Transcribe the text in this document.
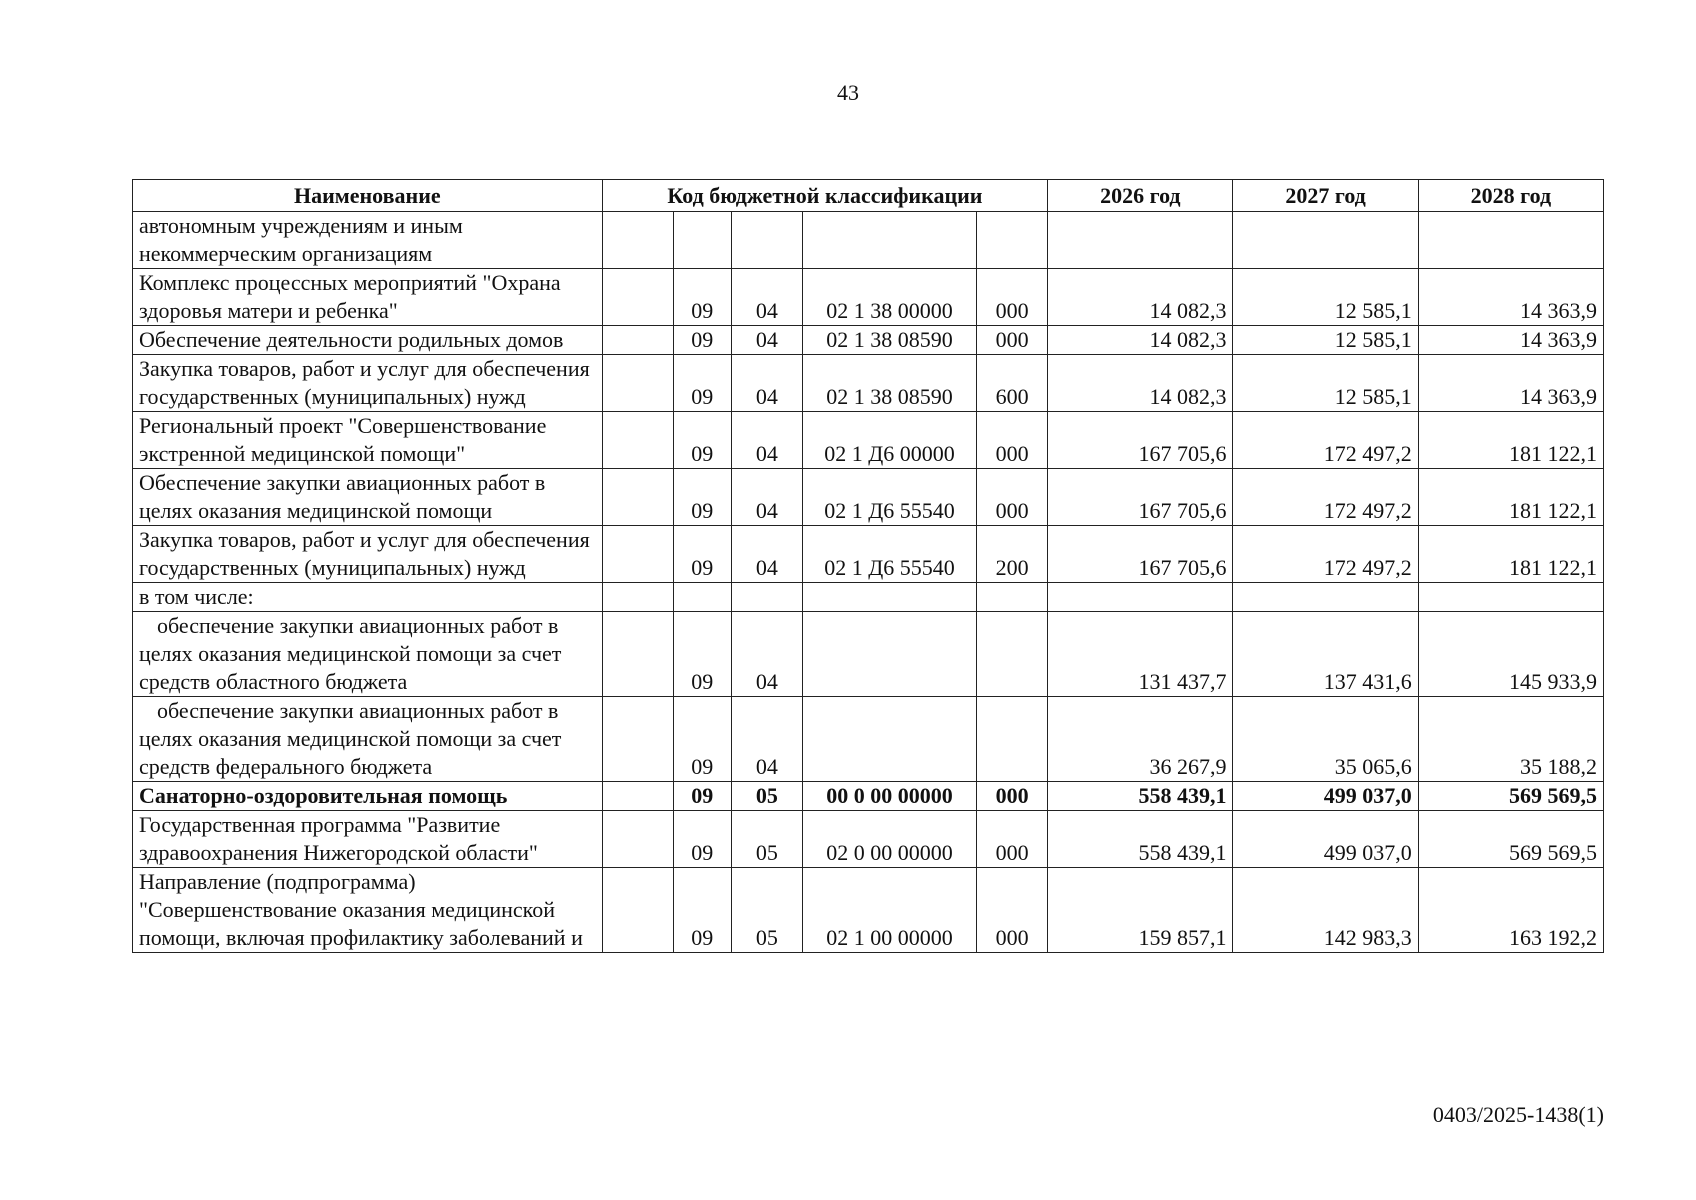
43
Наименование	Код бюджетной классификации					2026 год	2027 год	2028 год
автономным учреждениям и иным некоммерческим организациям								
Комплекс процессных мероприятий "Охрана здоровья матери и ребенка"		09	04	02 1 38 00000	000	14 082,3	12 585,1	14 363,9
Обеспечение деятельности родильных домов		09	04	02 1 38 08590	000	14 082,3	12 585,1	14 363,9
Закупка товаров, работ и услуг для обеспечения государственных (муниципальных) нужд		09	04	02 1 38 08590	600	14 082,3	12 585,1	14 363,9
Региональный проект "Совершенствование экстренной медицинской помощи"		09	04	02 1 Д6 00000	000	167 705,6	172 497,2	181 122,1
Обеспечение закупки авиационных работ в целях оказания медицинской помощи		09	04	02 1 Д6 55540	000	167 705,6	172 497,2	181 122,1
Закупка товаров, работ и услуг для обеспечения государственных (муниципальных) нужд		09	04	02 1 Д6 55540	200	167 705,6	172 497,2	181 122,1
в том числе:								
обеспечение закупки авиационных работ в целях оказания медицинской помощи за счет средств областного бюджета		09	04			131 437,7	137 431,6	145 933,9
обеспечение закупки авиационных работ в целях оказания медицинской помощи за счет средств федерального бюджета		09	04			36 267,9	35 065,6	35 188,2
Санаторно-оздоровительная помощь		09	05	00 0 00 00000	000	558 439,1	499 037,0	569 569,5
Государственная программа "Развитие здравоохранения Нижегородской области"		09	05	02 0 00 00000	000	558 439,1	499 037,0	569 569,5
Направление (подпрограмма) "Совершенствование оказания медицинской помощи, включая профилактику заболеваний и		09	05	02 1 00 00000	000	159 857,1	142 983,3	163 192,2
0403/2025-1438(1)
